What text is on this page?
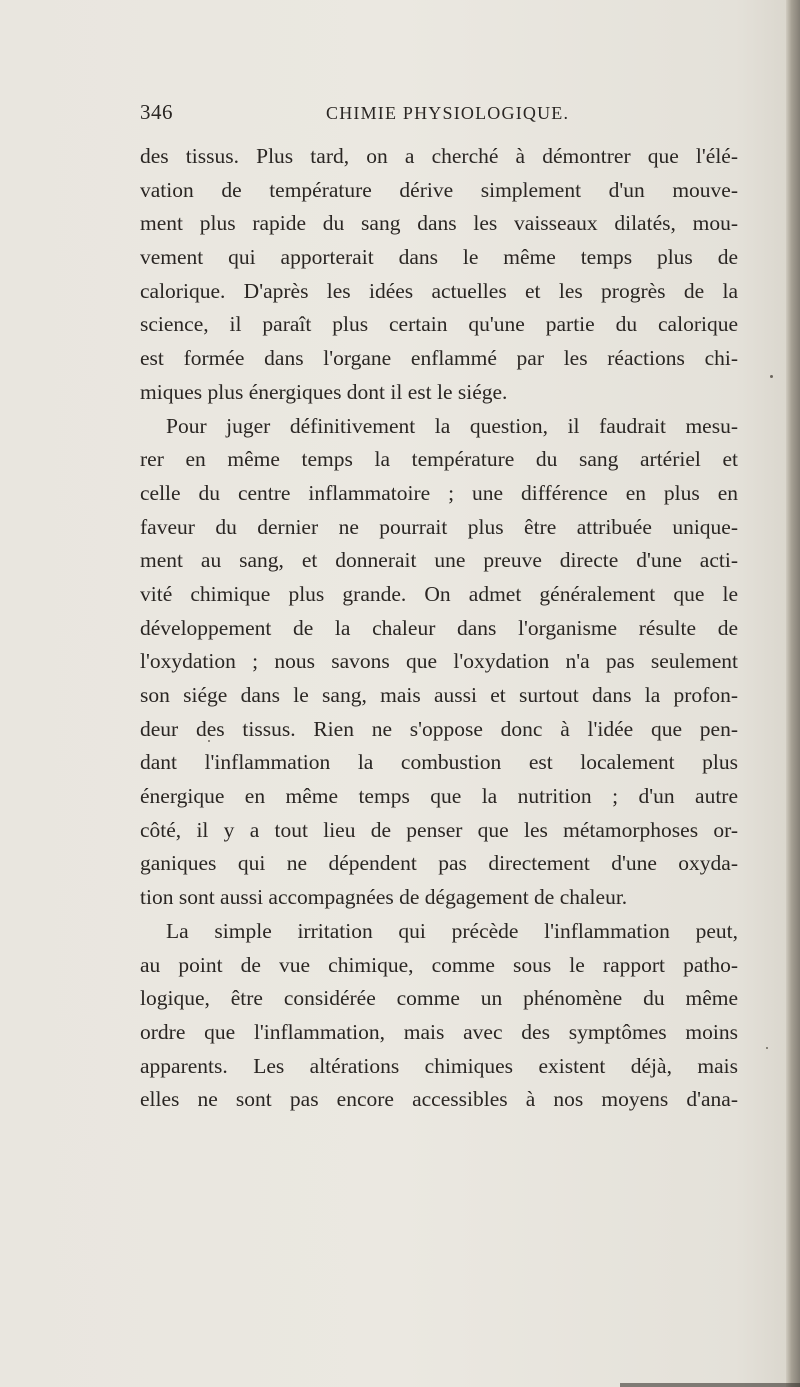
346	CHIMIE PHYSIOLOGIQUE.
des tissus. Plus tard, on a cherché à démontrer que l'élé-
vation de température dérive simplement d'un mouve-
ment plus rapide du sang dans les vaisseaux dilatés, mou-
vement qui apporterait dans le même temps plus de
calorique. D'après les idées actuelles et les progrès de la
science, il paraît plus certain qu'une partie du calorique
est formée dans l'organe enflammé par les réactions chi-
miques plus énergiques dont il est le siége.
Pour juger définitivement la question, il faudrait mesu-
rer en même temps la température du sang artériel et
celle du centre inflammatoire ; une différence en plus en
faveur du dernier ne pourrait plus être attribuée unique-
ment au sang, et donnerait une preuve directe d'une acti-
vité chimique plus grande. On admet généralement que le
développement de la chaleur dans l'organisme résulte de
l'oxydation ; nous savons que l'oxydation n'a pas seulement
son siége dans le sang, mais aussi et surtout dans la profon-
deur des tissus. Rien ne s'oppose donc à l'idée que pen-
dant l'inflammation la combustion est localement plus
énergique en même temps que la nutrition ; d'un autre
côté, il y a tout lieu de penser que les métamorphoses or-
ganiques qui ne dépendent pas directement d'une oxyda-
tion sont aussi accompagnées de dégagement de chaleur.
La simple irritation qui précède l'inflammation peut,
au point de vue chimique, comme sous le rapport patho-
logique, être considérée comme un phénomène du même
ordre que l'inflammation, mais avec des symptômes moins
apparents. Les altérations chimiques existent déjà, mais
elles ne sont pas encore accessibles à nos moyens d'ana-
